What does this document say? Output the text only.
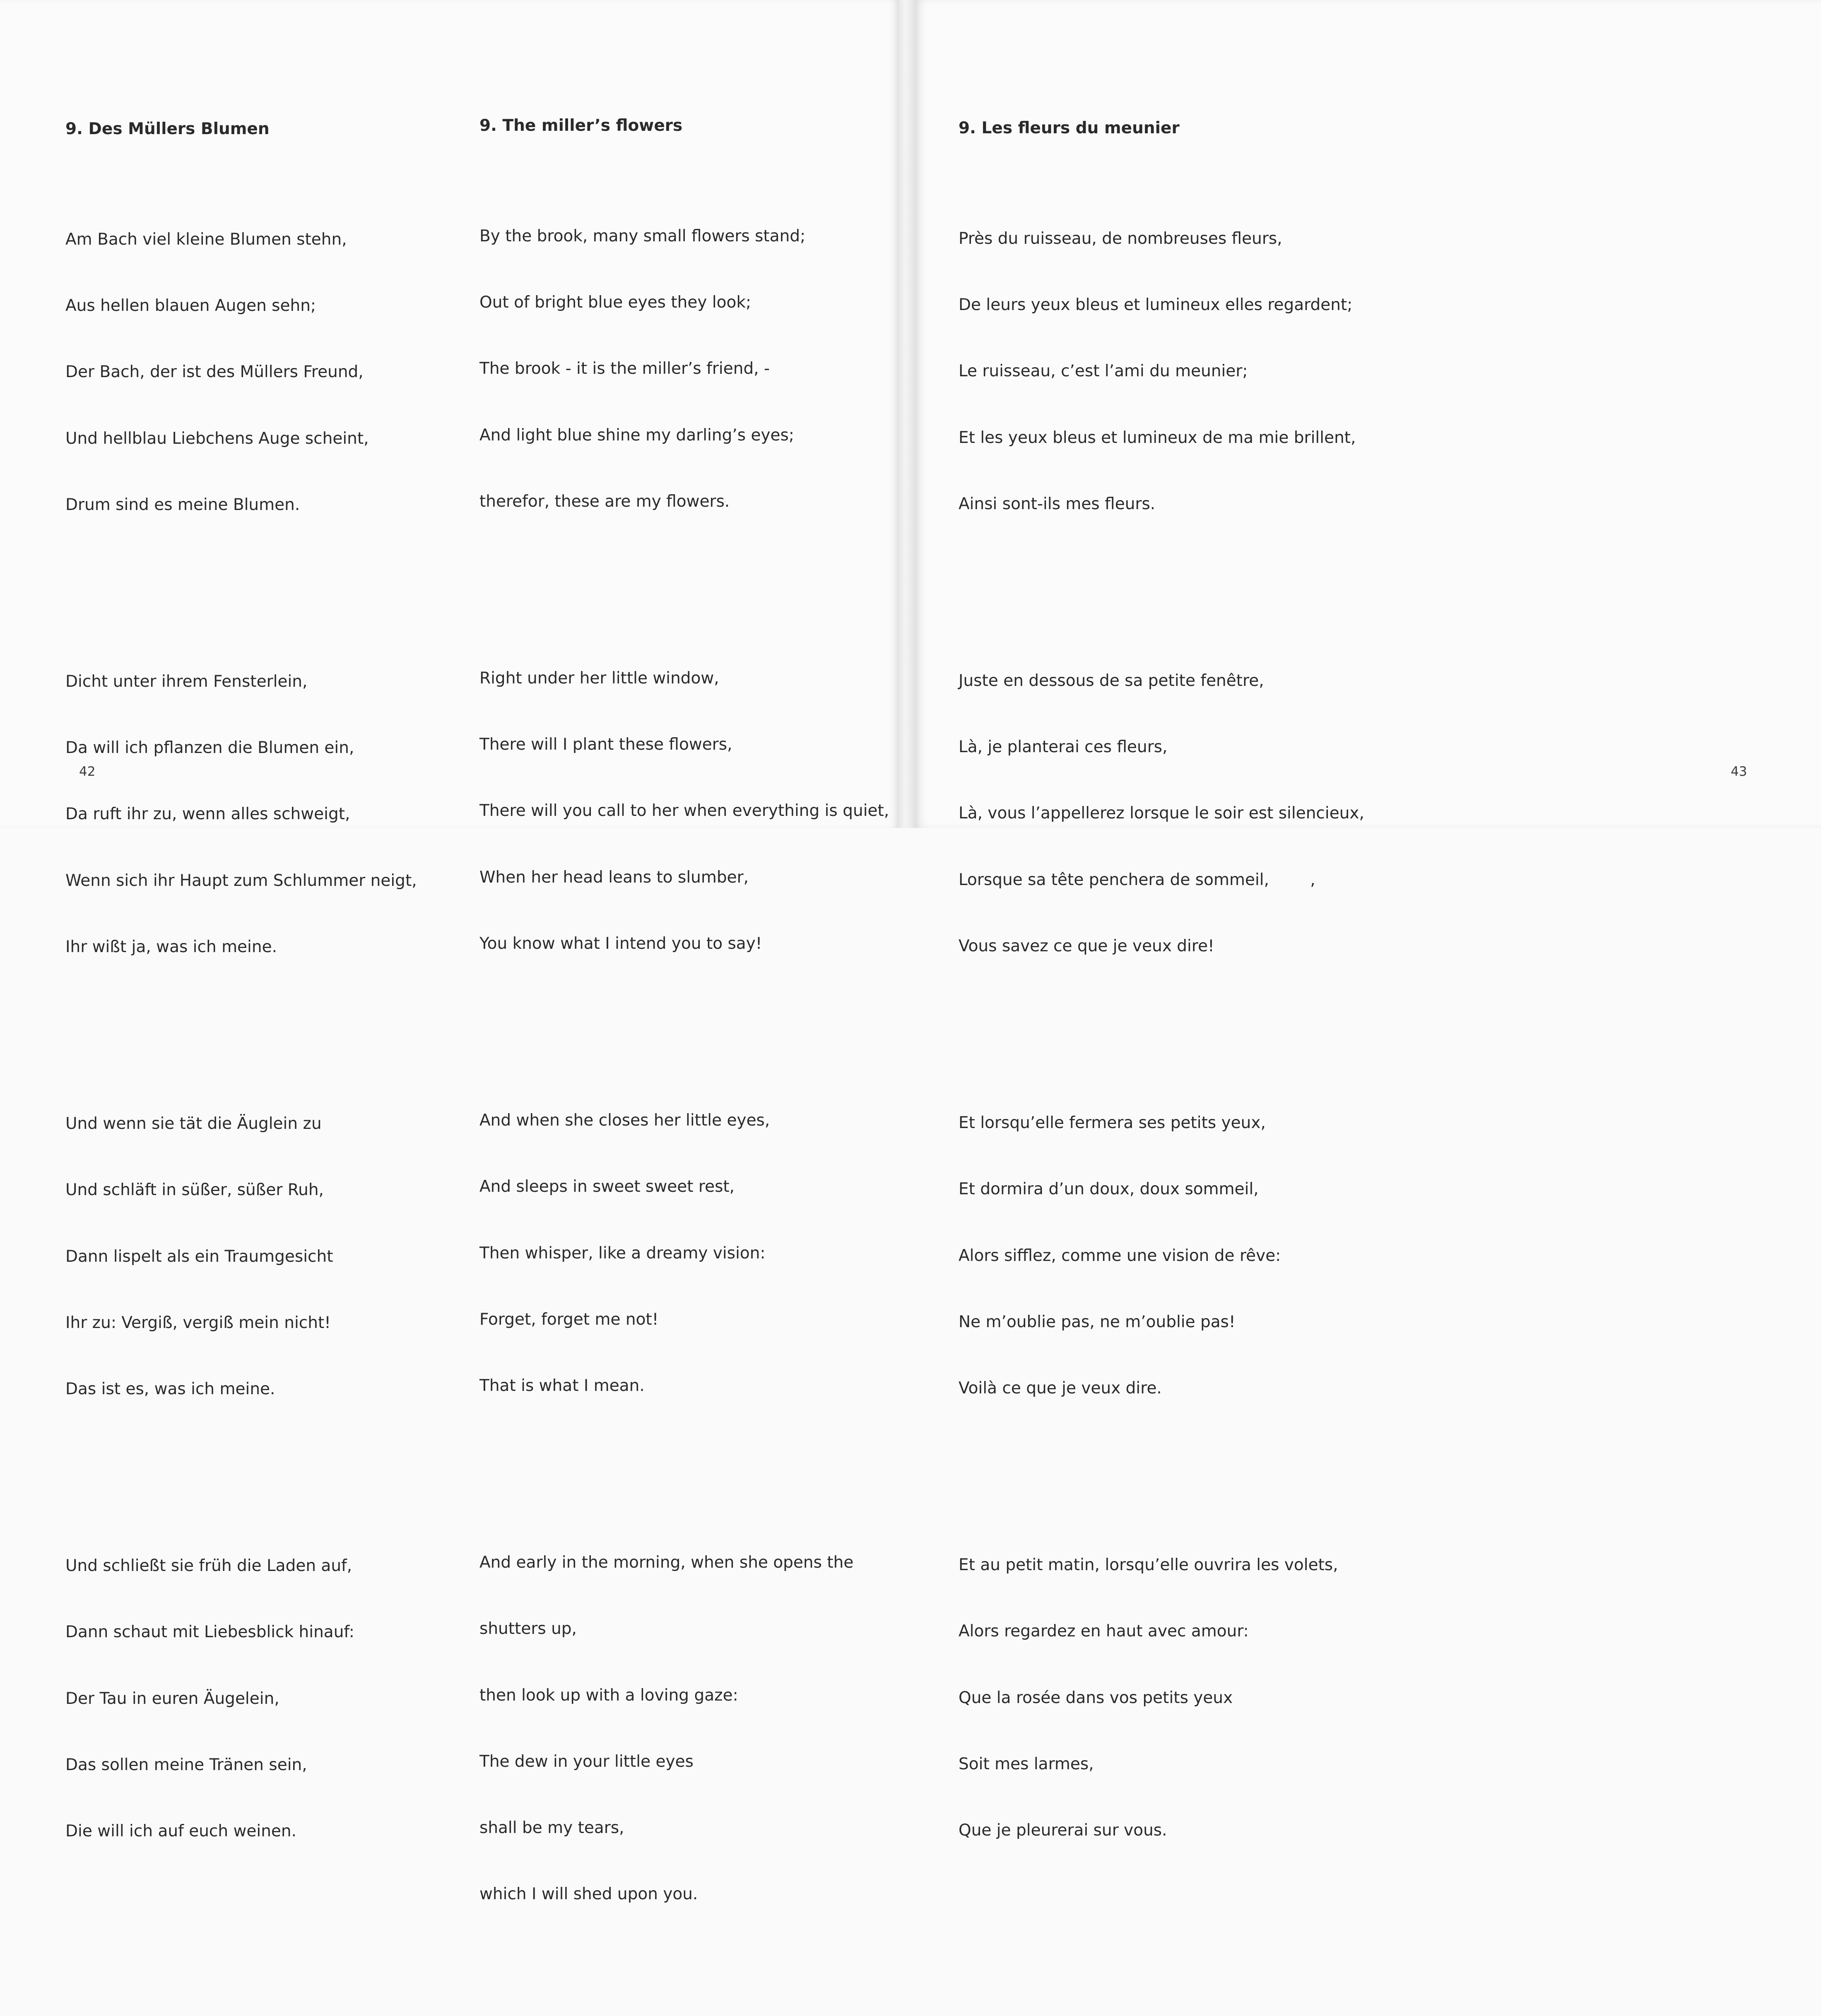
9. Des Müllers Blumen

Am Bach viel kleine Blumen stehn,

Aus hellen blauen Augen sehn;

Der Bach, der ist des Müllers Freund,

Und hellblau Liebchens Auge scheint,

Drum sind es meine Blumen.

Dicht unter ihrem Fensterlein,

Da will ich pflanzen die Blumen ein,

Da ruft ihr zu, wenn alles schweigt,

Wenn sich ihr Haupt zum Schlummer neigt,

Ihr wißt ja, was ich meine.

Und wenn sie tät die Äuglein zu

Und schläft in süßer, süßer Ruh,

Dann lispelt als ein Traumgesicht

Ihr zu: Vergiß, vergiß mein nicht!

Das ist es, was ich meine.

Und schließt sie früh die Laden auf,

Dann schaut mit Liebesblick hinauf:

Der Tau in euren Äugelein,

Das sollen meine Tränen sein,

Die will ich auf euch weinen.

9. The miller’s flowers

By the brook, many small flowers stand;

Out of bright blue eyes they look;

The brook - it is the miller’s friend, -

And light blue shine my darling’s eyes;

therefor, these are my flowers.

Right under her little window,

There will I plant these flowers,

There will you call to her when everything is quiet,

When her head leans to slumber,

You know what I intend you to say!

And when she closes her little eyes,

And sleeps in sweet sweet rest,

Then whisper, like a dreamy vision:

Forget, forget me not!

That is what I mean.

And early in the morning, when she opens the

shutters up,

then look up with a loving gaze:

The dew in your little eyes

shall be my tears,

which I will shed upon you.

42	43

9. Les fleurs du meunier

Près du ruisseau, de nombreuses fleurs,

De leurs yeux bleus et lumineux elles regardent;

Le ruisseau, c’est l’ami du meunier;

Et les yeux bleus et lumineux de ma mie brillent,

Ainsi sont-ils mes fleurs.

Juste en dessous de sa petite fenêtre,

Là, je planterai ces fleurs,

Là, vous l’appellerez lorsque le soir est silencieux,

Lorsque sa tête penchera de sommeil,        ,

Vous savez ce que je veux dire!

Et lorsqu’elle fermera ses petits yeux,

Et dormira d’un doux, doux sommeil,

Alors sifflez, comme une vision de rêve:

Ne m’oublie pas, ne m’oublie pas!

Voilà ce que je veux dire.

Et au petit matin, lorsqu’elle ouvrira les volets,

Alors regardez en haut avec amour:

Que la rosée dans vos petits yeux

Soit mes larmes,

Que je pleurerai sur vous.
